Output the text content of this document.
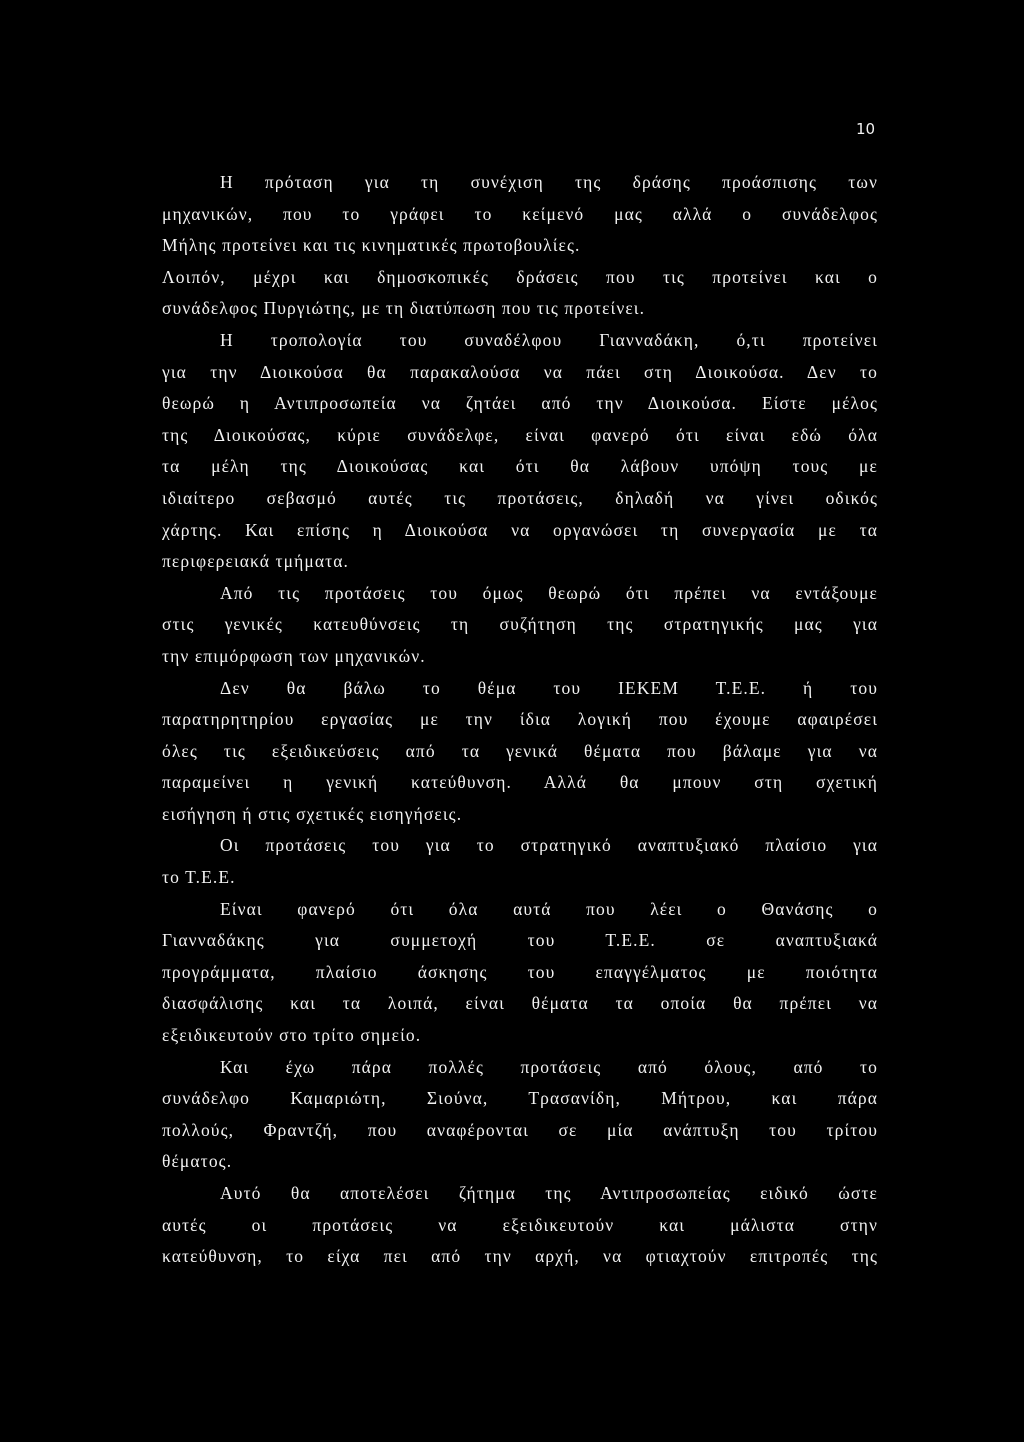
10
Η πρόταση για τη συνέχιση της δράσης προάσπισης των
μηχανικών, που το γράφει το κείμενό μας αλλά ο συνάδελφος
Μήλης προτείνει και τις κινηματικές πρωτοβουλίες.
Λοιπόν, μέχρι και δημοσκοπικές δράσεις που τις προτείνει και ο
συνάδελφος Πυργιώτης, με τη διατύπωση που τις προτείνει.
Η τροπολογία του συναδέλφου Γιανναδάκη, ό,τι προτείνει
για την Διοικούσα θα παρακαλούσα να πάει στη Διοικούσα. Δεν το
θεωρώ η Αντιπροσωπεία να ζητάει από την Διοικούσα. Είστε μέλος
της Διοικούσας, κύριε συνάδελφε, είναι φανερό ότι είναι εδώ όλα
τα μέλη της Διοικούσας και ότι θα λάβουν υπόψη τους με
ιδιαίτερο σεβασμό αυτές τις προτάσεις, δηλαδή να γίνει οδικός
χάρτης. Και επίσης η Διοικούσα να οργανώσει τη συνεργασία με τα
περιφερειακά τμήματα.
Από τις προτάσεις του όμως θεωρώ ότι πρέπει να εντάξουμε
στις γενικές κατευθύνσεις τη συζήτηση της στρατηγικής μας για
την επιμόρφωση των μηχανικών.
Δεν θα βάλω το θέμα του ΙΕΚΕΜ Τ.Ε.Ε. ή του
παρατηρητηρίου εργασίας με την ίδια λογική που έχουμε αφαιρέσει
όλες τις εξειδικεύσεις από τα γενικά θέματα που βάλαμε για να
παραμείνει η γενική κατεύθυνση. Αλλά θα μπουν στη σχετική
εισήγηση ή στις σχετικές εισηγήσεις.
Οι προτάσεις του για το στρατηγικό αναπτυξιακό πλαίσιο για
το Τ.Ε.Ε.
Είναι φανερό ότι όλα αυτά που λέει ο Θανάσης ο
Γιανναδάκης για συμμετοχή του Τ.Ε.Ε. σε αναπτυξιακά
προγράμματα, πλαίσιο άσκησης του επαγγέλματος με ποιότητα
διασφάλισης και τα λοιπά, είναι θέματα τα οποία θα πρέπει να
εξειδικευτούν στο τρίτο σημείο.
Και έχω πάρα πολλές προτάσεις από όλους, από το
συνάδελφο Καμαριώτη, Σιούνα, Τρασανίδη, Μήτρου, και πάρα
πολλούς, Φραντζή, που αναφέρονται σε μία ανάπτυξη του τρίτου
θέματος.
Αυτό θα αποτελέσει ζήτημα της Αντιπροσωπείας ειδικό ώστε
αυτές οι προτάσεις να εξειδικευτούν και μάλιστα στην
κατεύθυνση, το είχα πει από την αρχή, να φτιαχτούν επιτροπές της
